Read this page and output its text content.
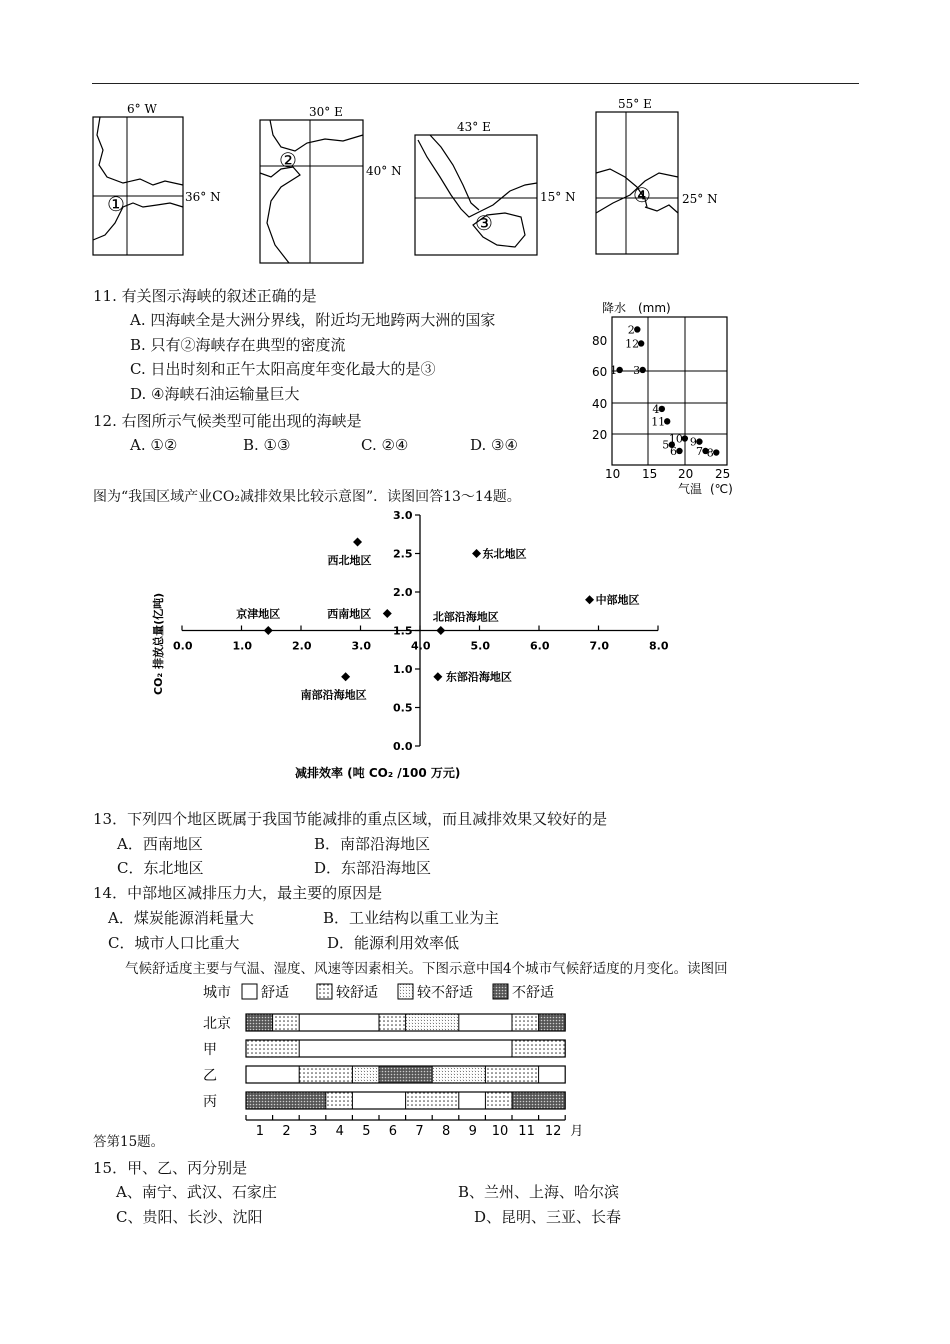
6° W
36° N
①
30° E
40° N
②
43° E
15° N
③
55° E
25° N
④
11. 有关图示海峡的叙述正确的是
A. 四海峡全是大洲分界线，附近均无地跨两大洲的国家
B. 只有②海峡存在典型的密度流
C. 日出时刻和正午太阳高度年变化最大的是③
D. ④海峡石油运输量巨大
12. 右图所示气候类型可能出现的海峡是
A. ①②	B. ①③	C. ②④	D. ③④
降水 (mm)
气温 (℃)
20
40
60
80
10 15 20 25
1
2
3
4
5 6 7 8
9
10
11
12
图为“我国区域产业CO₂减排效果比较示意图”．读图回答13～14题。
CO₂ 排放总量(亿吨)
减排效率 (吨 CO₂ /100 万元)
0.0	1.0	2.0	3.0	4.0	5.0	6.0	7.0	8.0
0.0
0.5
1.0
1.5
2.0
2.5
3.0
西北地区	东北地区
中部地区
京津地区	西南地区	北部沿海地区
南部沿海地区
东部沿海地区
13．下列四个地区既属于我国节能减排的重点区域，而且减排效果又较好的是
A．西南地区	B．南部沿海地区
C．东北地区	D．东部沿海地区
14．中部地区减排压力大，最主要的原因是
A．煤炭能源消耗量大	B．工业结构以重工业为主
C．城市人口比重大	D．能源利用效率低
气候舒适度主要与气温、湿度、风速等因素相关。下图示意中国4个城市气候舒适度的月变化。读图回
城市 舒适	较舒适	较不舒适	不舒适
北京
甲
乙
丙
1 2 3 4 5 6 7 8 9 10 11 12 月
答第15题。
15．甲、乙、丙分别是
A、南宁、武汉、石家庄	B、兰州、上海、哈尔滨
C、贵阳、长沙、沈阳	D、昆明、三亚、长春
